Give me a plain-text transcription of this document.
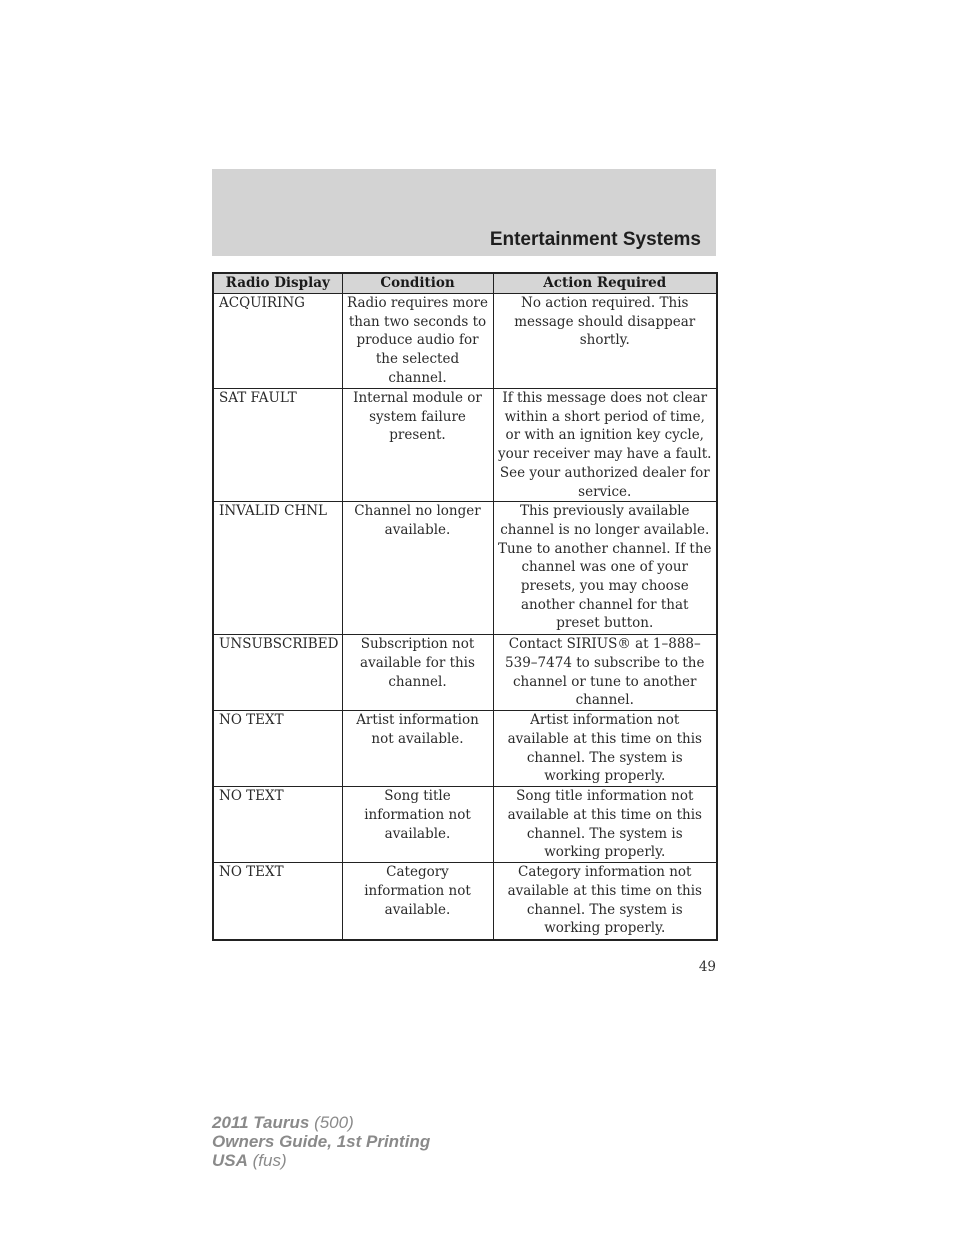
Entertainment Systems
Radio Display	Condition	Action Required
ACQUIRING	Radio requires more than two seconds to produce audio for the selected channel.	No action required. This message should disappear shortly.
SAT FAULT	Internal module or system failure present.	If this message does not clear within a short period of time, or with an ignition key cycle, your receiver may have a fault. See your authorized dealer for service.
INVALID CHNL	Channel no longer available.	This previously available channel is no longer available. Tune to another channel. If the channel was one of your presets, you may choose another channel for that preset button.
UNSUBSCRIBED	Subscription not available for this channel.	Contact SIRIUS® at 1–888–539–7474 to subscribe to the channel or tune to another channel.
NO TEXT	Artist information not available.	Artist information not available at this time on this channel. The system is working properly.
NO TEXT	Song title information not available.	Song title information not available at this time on this channel. The system is working properly.
NO TEXT	Category information not available.	Category information not available at this time on this channel. The system is working properly.
49
2011 Taurus (500)
Owners Guide, 1st Printing
USA (fus)
